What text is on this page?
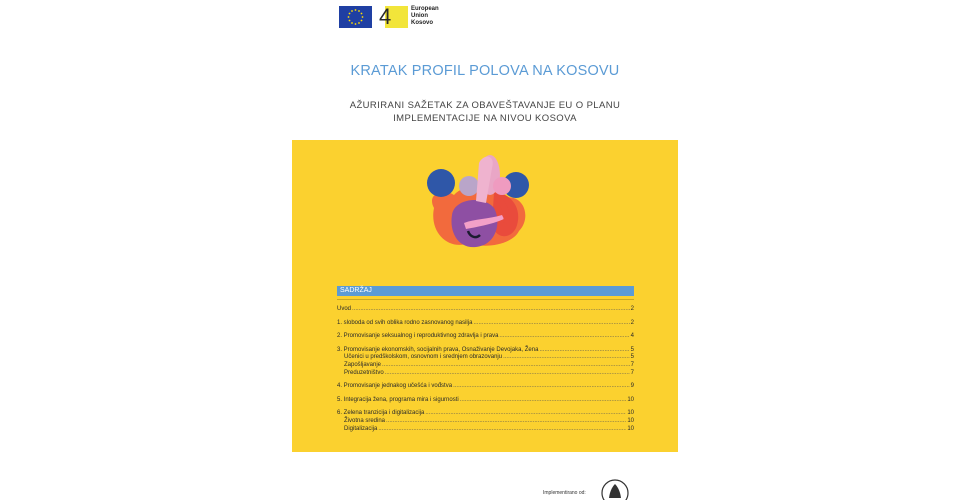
4	European
Union
Kosovo
KRATAK PROFIL POLOVA NA KOSOVU
AŽURIRANI SAŽETAK ZA OBAVEŠTAVANJE EU O PLANU
IMPLEMENTACIJE NA NIVOU KOSOVA
SADRŽAJ
Uvod .....	2
1. sloboda od svih oblika rodno zasnovanog nasilja .....	2
2. Promovisanje seksualnog i reproduktivnog zdravlja i prava .....	4
3. Promovisanje ekonomskih, socijalnih prava, Osnaživanje Devojaka, Žena .....	5
Učenici u predškolskom, osnovnom i srednjem obrazovanju .....	5
Zapošljavanje .....	7
Preduzetništvo .....	7
4. Promovisanje jednakog učešća i vođstva .....	9
5. Integracija žena, programa mira i sigurnosti .....	10
6. Zelena tranzicija i digitalizacija .....	10
Životna sredina .....	10
Digitalizacija .....	10
Implementirano od:
